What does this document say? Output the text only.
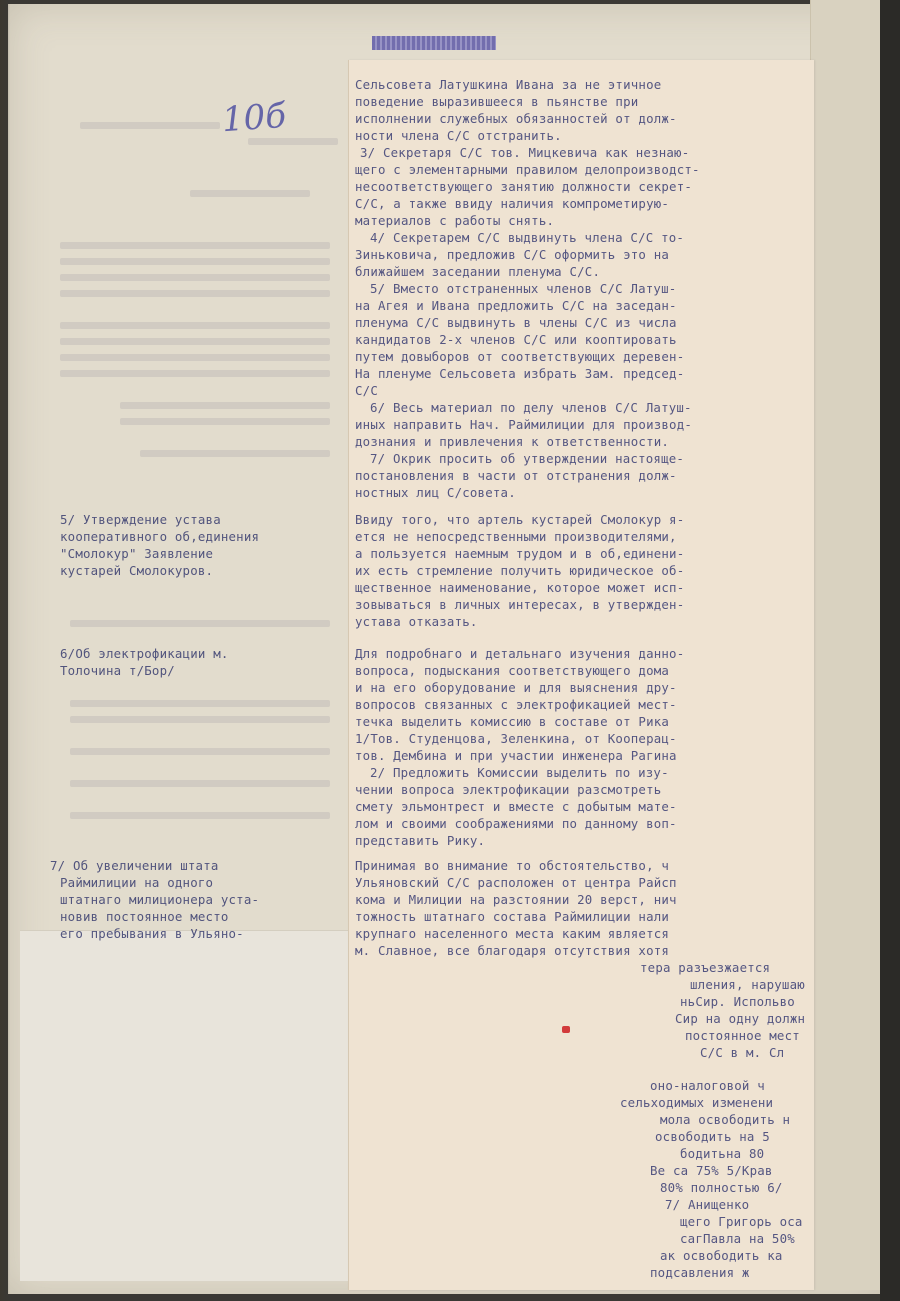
10б
Сельсовета Латушкина Ивана за не этичное
поведение выразившееся в пьянстве при
исполнении служебных обязанностей от долж-
ности члена С/С отстранить.
3/ Секретаря С/С тов. Мицкевича как незнаю-
щего с элементарными правилом делопроизводст-
несоответствующего занятию должности секрет-
С/С, а также ввиду наличия компрометирую-
материалов с работы снять.
4/ Секретарем С/С выдвинуть члена С/С то-
Зиньковича, предложив С/С оформить это на
ближайшем заседании пленума С/С.
5/ Вместо отстраненных членов С/С Латуш-
на Агея и Ивана предложить С/С на заседан-
пленума С/С выдвинуть в члены С/С из числа
кандидатов 2-х членов С/С или кооптировать
путем довыборов от соответствующих деревен-
На пленуме Сельсовета избрать Зам. председ-
С/С
6/ Весь материал по делу членов С/С Латуш-
иных направить Нач. Раймилиции для производ-
дознания и привлечения к ответственности.
7/ Окрик просить об утверждении настояще-
постановления в части от отстранения долж-
ностных лиц С/совета.
5/ Утверждение устава
кооперативного об,единения
"Смолокур" Заявление
кустарей Смолокуров.
Ввиду того, что артель кустарей Смолокур я-
ется не непосредственными производителями,
а пользуется наемным трудом и в об,единени-
их есть стремление получить юридическое об-
щественное наименование, которое может исп-
зовываться в личных интересах, в утвержден-
устава отказать.
6/Об электрофикации м.
Толочина т/Бор/
Для подробнаго и детальнаго изучения данно-
вопроса, подыскания соответствующего дома
и на его оборудование и для выяснения дру-
вопросов связанных с электрофикацией мест-
течка выделить комиссию в составе от Рика
1/Тов. Студенцова, Зеленкина, от Кооперац-
тов. Дембина и при участии инженера Рагина
2/ Предложить Комиссии выделить по изу-
чении вопроса электрофикации разсмотреть
смету эльмонтрест и вместе с добытым мате-
лом и своими соображениями по данному воп-
представить Рику.
7/ Об увеличении штата
Раймилиции на одного
штатнаго милиционера уста-
новив постоянное место
его пребывания в Ульяно-
Принимая во внимание то обстоятельство, ч
Ульяновский С/С расположен от центра Райсп
кома и Милиции на разстоянии 20 верст, нич
тожность штатнаго состава Раймилиции нали
крупнаго населенного места каким является
м. Славное, все благодаря отсутствия хотя
тера разъезжается
шления, нарушаю
ньСир. Испольво
Сир на одну должн
постоянное мест
С/С в м. Сл
оно-налоговой ч
сельходимых изменени
мола освободить н
освободить на 5
бодитьна 80
Ве са 75% 5/Крав
80% полностью 6/
7/ Анищенко
щего Григорь оса
сагПавла на 50%
ак освободить ка
подсавления ж
